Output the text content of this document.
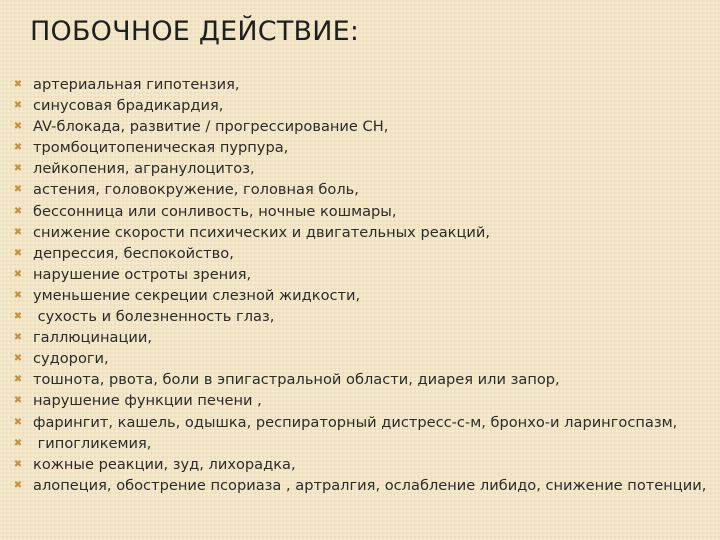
ПОБОЧНОЕ ДЕЙСТВИЕ:
✖ артериальная гипотензия,
✖ синусовая брадикардия,
✖ AV-блокада, развитие / прогрессирование СН,
✖ тромбоцитопеническая пурпура,
✖ лейкопения, агранулоцитоз,
✖ астения, головокружение, головная боль,
✖ бессонница или сонливость, ночные кошмары,
✖ снижение скорости психических и двигательных реакций,
✖ депрессия, беспокойство,
✖ нарушение остроты зрения,
✖ уменьшение секреции слезной жидкости,
✖ сухость и болезненность глаз,
✖ галлюцинации,
✖ судороги,
✖ тошнота, рвота, боли в эпигастральной области, диарея или запор,
✖ нарушение функции печени ,
✖ фарингит, кашель, одышка, респираторный дистресс-с-м, бронхо-и ларингоспазм,
✖ гипогликемия,
✖ кожные реакции, зуд, лихорадка,
✖ алопеция, обострение псориаза , артралгия, ослабление либидо, снижение потенции,
